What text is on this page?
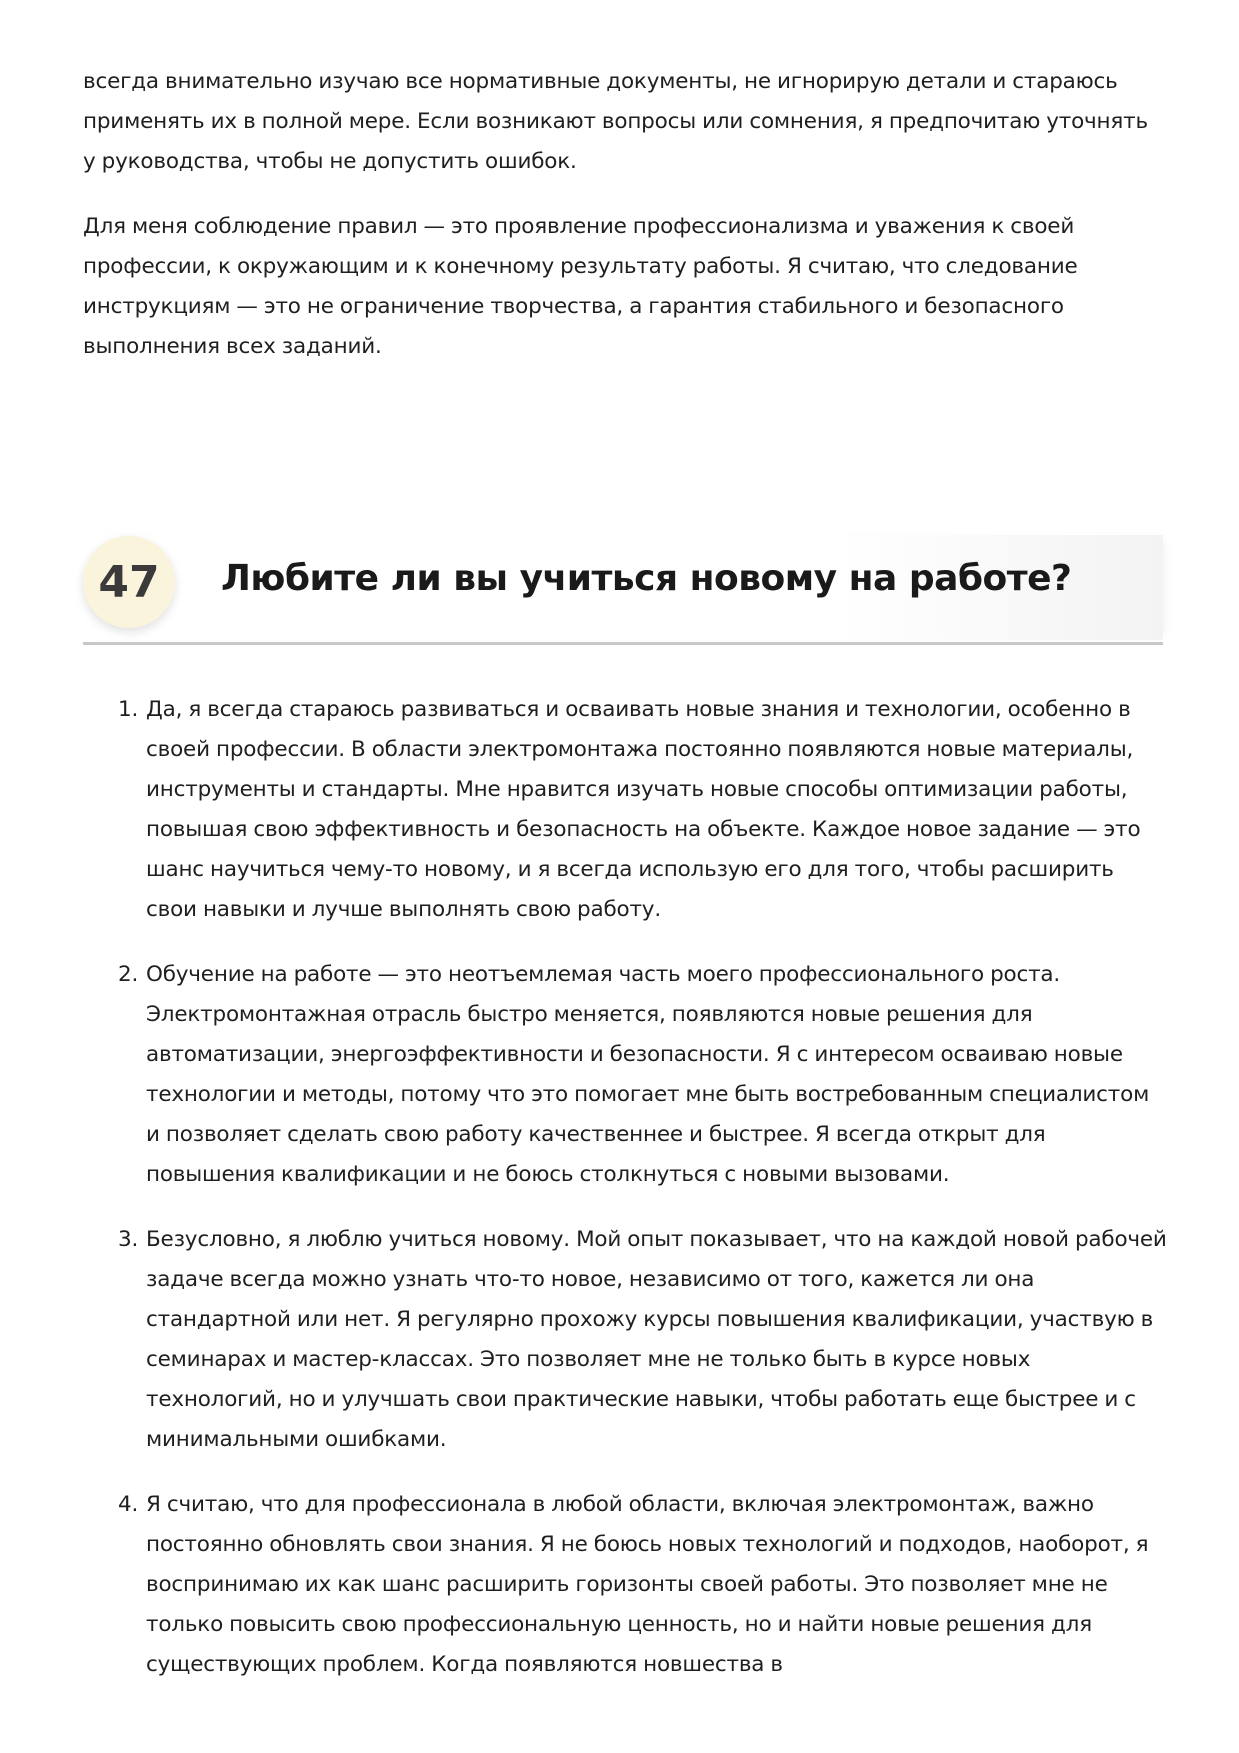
всегда внимательно изучаю все нормативные документы, не игнорирую детали и стараюсь применять их в полной мере. Если возникают вопросы или сомнения, я предпочитаю уточнять у руководства, чтобы не допустить ошибок.

Для меня соблюдение правил — это проявление профессионализма и уважения к своей профессии, к окружающим и к конечному результату работы. Я считаю, что следование инструкциям — это не ограничение творчества, а гарантия стабильного и безопасного выполнения всех заданий.

47	Любите ли вы учиться новому на работе?
1. Да, я всегда стараюсь развиваться и осваивать новые знания и технологии, особенно в своей профессии. В области электромонтажа постоянно появляются новые материалы, инструменты и стандарты. Мне нравится изучать новые способы оптимизации работы, повышая свою эффективность и безопасность на объекте. Каждое новое задание — это шанс научиться чему-то новому, и я всегда использую его для того, чтобы расширить свои навыки и лучше выполнять свою работу.
2. Обучение на работе — это неотъемлемая часть моего профессионального роста. Электромонтажная отрасль быстро меняется, появляются новые решения для автоматизации, энергоэффективности и безопасности. Я с интересом осваиваю новые технологии и методы, потому что это помогает мне быть востребованным специалистом и позволяет сделать свою работу качественнее и быстрее. Я всегда открыт для повышения квалификации и не боюсь столкнуться с новыми вызовами.
3. Безусловно, я люблю учиться новому. Мой опыт показывает, что на каждой новой рабочей задаче всегда можно узнать что-то новое, независимо от того, кажется ли она стандартной или нет. Я регулярно прохожу курсы повышения квалификации, участвую в семинарах и мастер-классах. Это позволяет мне не только быть в курсе новых технологий, но и улучшать свои практические навыки, чтобы работать еще быстрее и с минимальными ошибками.
4. Я считаю, что для профессионала в любой области, включая электромонтаж, важно постоянно обновлять свои знания. Я не боюсь новых технологий и подходов, наоборот, я воспринимаю их как шанс расширить горизонты своей работы. Это позволяет мне не только повысить свою профессиональную ценность, но и найти новые решения для существующих проблем. Когда появляются новшества в
